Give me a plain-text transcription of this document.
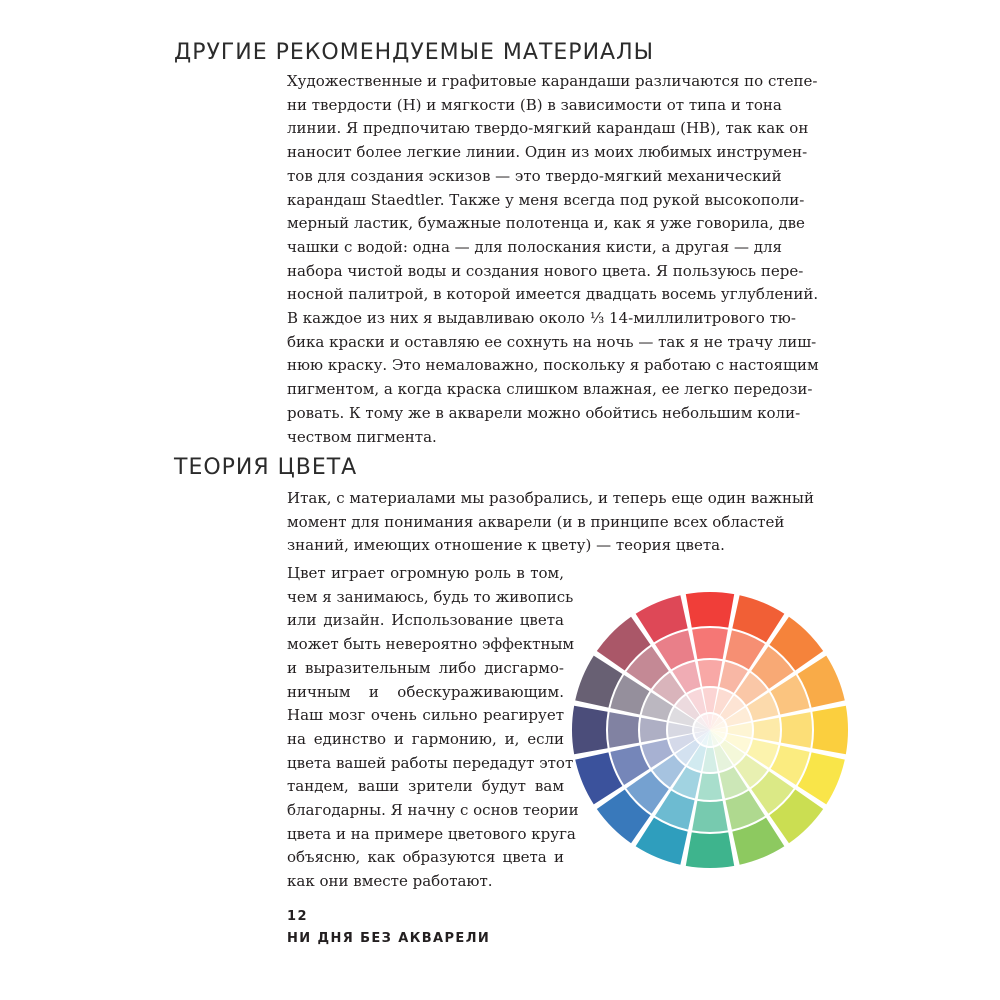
ДРУГИЕ РЕКОМЕНДУЕМЫЕ МАТЕРИАЛЫ
Художественные и графитовые карандаши различаются по степе-
ни твердости (H) и мягкости (B) в зависимости от типа и тона
линии. Я предпочитаю твердо-мягкий карандаш (HB), так как он
наносит более легкие линии. Один из моих любимых инструмен-
тов для создания эскизов — это твердо-мягкий механический
карандаш Staedtler. Также у меня всегда под рукой высокополи-
мерный ластик, бумажные полотенца и, как я уже говорила, две
чашки с водой: одна — для полоскания кисти, а другая — для
набора чистой воды и создания нового цвета. Я пользуюсь пере-
носной палитрой, в которой имеется двадцать восемь углублений.
В каждое из них я выдавливаю около ⅓ 14-миллилитрового тю-
бика краски и оставляю ее сохнуть на ночь — так я не трачу лиш-
нюю краску. Это немаловажно, поскольку я работаю с настоящим
пигментом, а когда краска слишком влажная, ее легко передози-
ровать. К тому же в акварели можно обойтись небольшим коли-
чеством пигмента.
ТЕОРИЯ ЦВЕТА
Итак, с материалами мы разобрались, и теперь еще один важный
момент для понимания акварели (и в принципе всех областей
знаний, имеющих отношение к цвету) — теория цвета.
Цвет играет огромную роль в том,
чем я занимаюсь, будь то живопись
или дизайн. Использование цвета
может быть невероятно эффектным
и выразительным либо дисгармо-
ничным и обескураживающим.
Наш мозг очень сильно реагирует
на единство и гармонию, и, если
цвета вашей работы передадут этот
тандем, ваши зрители будут вам
благодарны. Я начну с основ теории
цвета и на примере цветового круга
объясню, как образуются цвета и
как они вместе работают.

12

НИ ДНЯ БЕЗ АКВАРЕЛИ
